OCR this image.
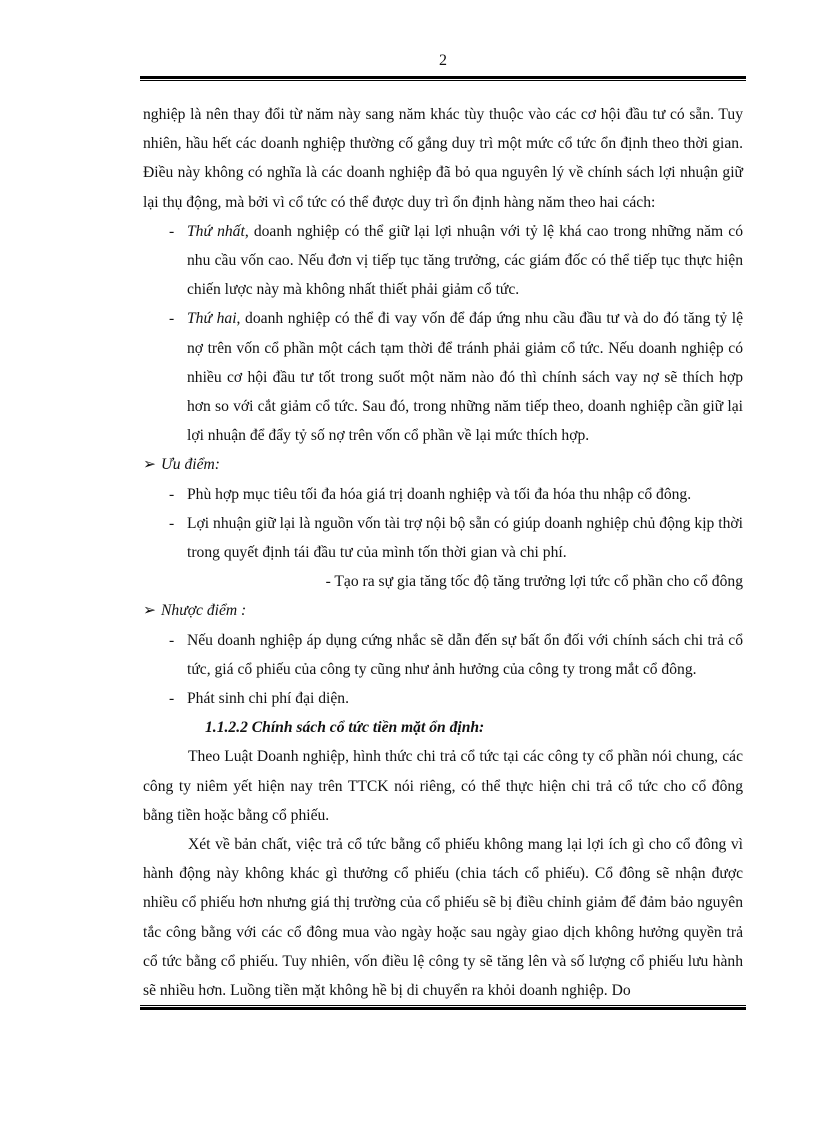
2

nghiệp là nên thay đổi từ năm này sang năm khác tùy thuộc vào các cơ hội đầu tư có sẵn. Tuy nhiên, hầu hết các doanh nghiệp thường cố gắng duy trì một mức cổ tức ổn định theo thời gian. Điều này không có nghĩa là các doanh nghiệp đã bỏ qua nguyên lý về chính sách lợi nhuận giữ lại thụ động, mà bởi vì cổ tức có thể được duy trì ổn định hàng năm theo hai cách:

- Thứ nhất, doanh nghiệp có thể giữ lại lợi nhuận với tỷ lệ khá cao trong những năm có nhu cầu vốn cao. Nếu đơn vị tiếp tục tăng trưởng, các giám đốc có thể tiếp tục thực hiện chiến lược này mà không nhất thiết phải giảm cổ tức.
- Thứ hai, doanh nghiệp có thể đi vay vốn để đáp ứng nhu cầu đầu tư và do đó tăng tỷ lệ nợ trên vốn cổ phần một cách tạm thời để tránh phải giảm cổ tức. Nếu doanh nghiệp có nhiều cơ hội đầu tư tốt trong suốt một năm nào đó thì chính sách vay nợ sẽ thích hợp hơn so với cắt giảm cổ tức. Sau đó, trong những năm tiếp theo, doanh nghiệp cần giữ lại lợi nhuận để đẩy tỷ số nợ trên vốn cổ phần về lại mức thích hợp.
➢ Ưu điểm:
- Phù hợp mục tiêu tối đa hóa giá trị doanh nghiệp và tối đa hóa thu nhập cổ đông.
- Lợi nhuận giữ lại là nguồn vốn tài trợ nội bộ sẵn có giúp doanh nghiệp chủ động kịp thời trong quyết định tái đầu tư của mình tốn thời gian và chi phí.
- Tạo ra sự gia tăng tốc độ tăng trưởng lợi tức cổ phần cho cổ đông
➢ Nhược điểm :
- Nếu doanh nghiệp áp dụng cứng nhắc sẽ dẫn đến sự bất ổn đối với chính sách chi trả cổ tức, giá cổ phiếu của công ty cũng như ảnh hưởng của công ty trong mắt cổ đông.
- Phát sinh chi phí đại diện.

1.1.2.2 Chính sách cổ tức tiền mặt ổn định:

Theo Luật Doanh nghiệp, hình thức chi trả cổ tức tại các công ty cổ phần nói chung, các công ty niêm yết hiện nay trên TTCK nói riêng, có thể thực hiện chi trả cổ tức cho cổ đông bằng tiền hoặc bằng cổ phiếu.

Xét về bản chất, việc trả cổ tức bằng cổ phiếu không mang lại lợi ích gì cho cổ đông vì hành động này không khác gì thưởng cổ phiếu (chia tách cổ phiếu). Cổ đông sẽ nhận được nhiều cổ phiếu hơn nhưng giá thị trường của cổ phiếu sẽ bị điều chỉnh giảm để đảm bảo nguyên tắc công bằng với các cổ đông mua vào ngày hoặc sau ngày giao dịch không hưởng quyền trả cổ tức bằng cổ phiếu. Tuy nhiên, vốn điều lệ công ty sẽ tăng lên và số lượng cổ phiếu lưu hành sẽ nhiều hơn. Luồng tiền mặt không hề bị di chuyển ra khỏi doanh nghiệp. Do
